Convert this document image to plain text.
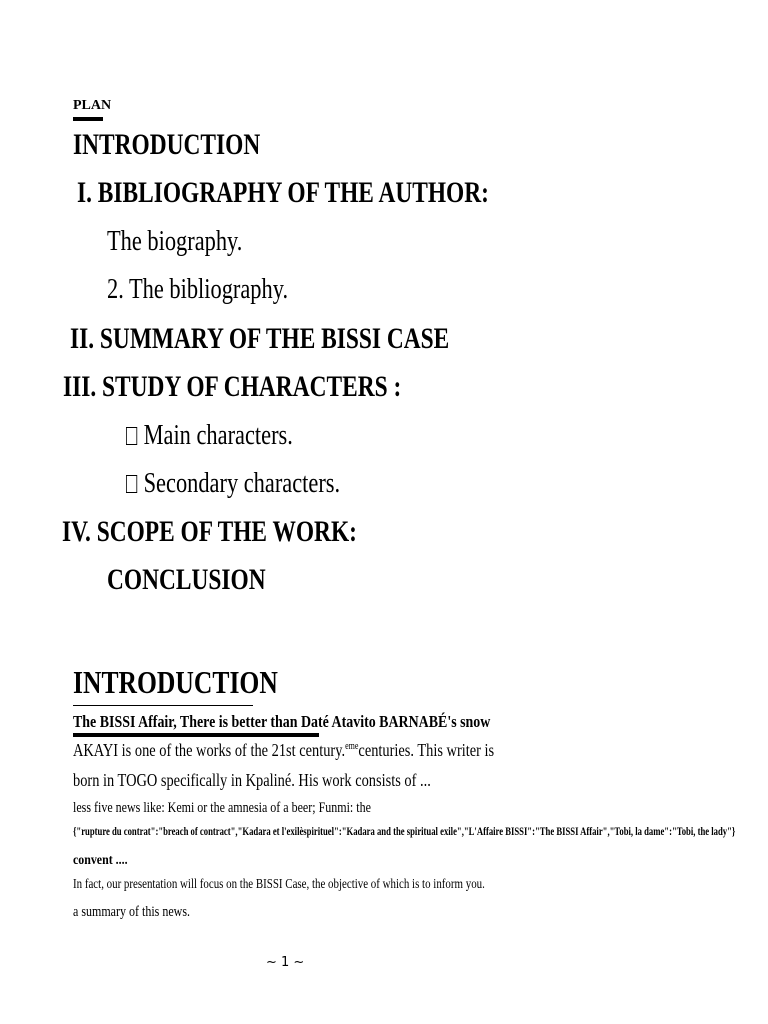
PLAN
INTRODUCTION
I. BIBLIOGRAPHY OF THE AUTHOR:
The biography.
2. The bibliography.
II. SUMMARY OF THE BISSI CASE
III. STUDY OF CHARACTERS :
Main characters.
Secondary characters.
IV. SCOPE OF THE WORK:
CONCLUSION
INTRODUCTION
The BISSI Affair, There is better than Daté Atavito BARNABÉ's snow
AKAYI is one of the works of the 21st century.$^{eme}$centuries. This writer is
born in TOGO specifically in Kpaliné. His work consists of ...
less five news like: Kemi or the amnesia of a beer; Funmi: the
{"rupture du contrat":"breach of contract","Kadara et l'exilèspirituel":"Kadara and the spiritual exile","L'Affaire BISSI":"The BISSI Affair","Tobi, la dame":"Tobi, the lady"}
convent ....
In fact, our presentation will focus on the BISSI Case, the objective of which is to inform you.
a summary of this news.
~ 1 ~
